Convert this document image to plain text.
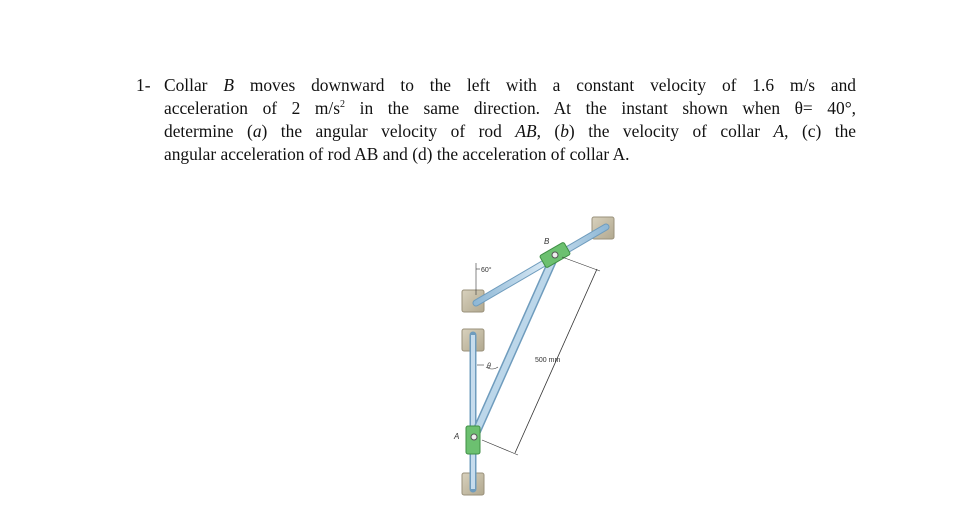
1- Collar B moves downward to the left with a constant velocity of 1.6 m/s and
acceleration of 2 $m/s^2$ in the same direction. At the instant shown when θ= 40°,
determine (a) the angular velocity of rod AB, (b) the velocity of collar A, (c) the
angular acceleration of rod AB and (d) the acceleration of collar A.
B
A
60°
θ
500 mm
